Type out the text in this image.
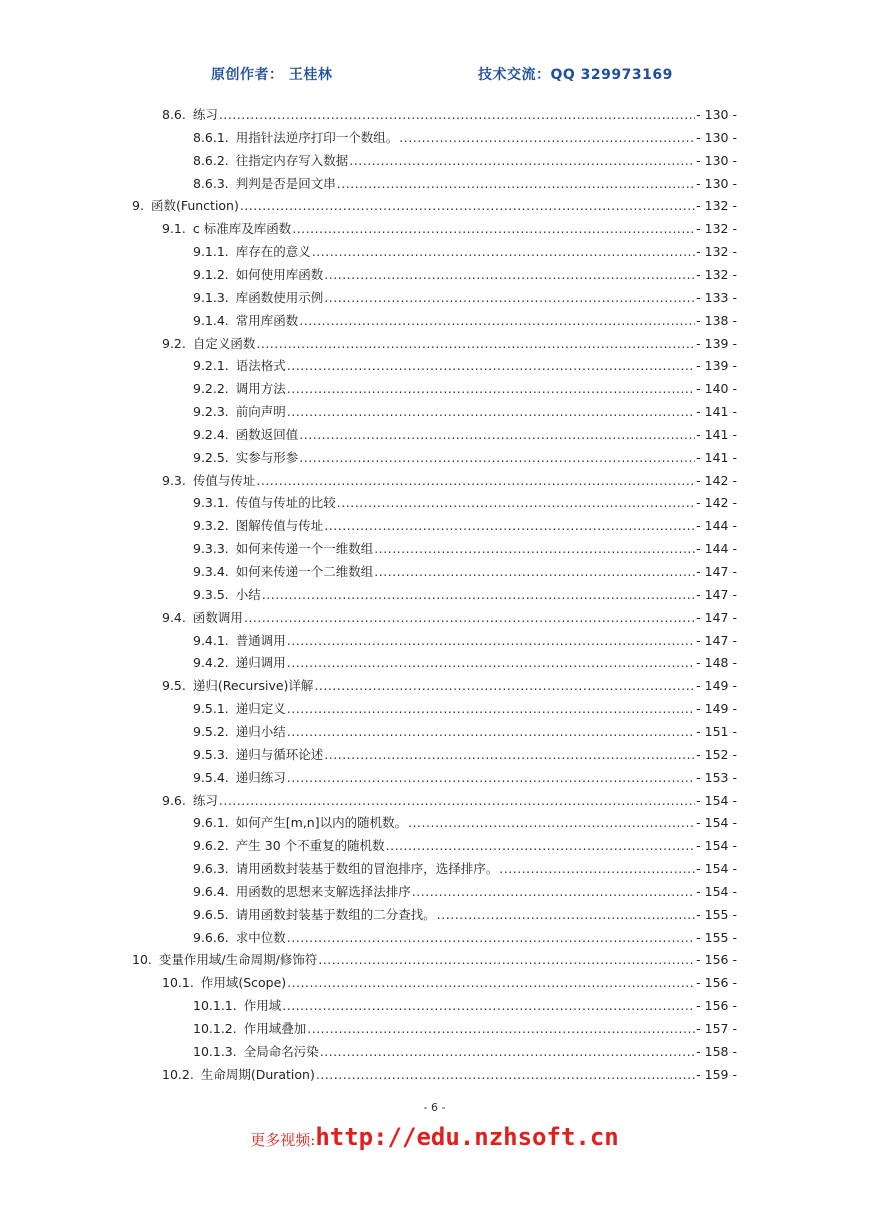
原创作者： 王桂林	技术交流：QQ 329973169
8.6. 练习 .....	- 130 -
8.6.1. 用指针法逆序打印一个数组。 .....	- 130 -
8.6.2. 往指定内存写入数据 .....	- 130 -
8.6.3. 判判是否是回文串 .....	- 130 -
9. 函数(Function) .....	- 132 -
9.1. c 标准库及库函数 .....	- 132 -
9.1.1. 库存在的意义 .....	- 132 -
9.1.2. 如何使用库函数 .....	- 132 -
9.1.3. 库函数使用示例 .....	- 133 -
9.1.4. 常用库函数 .....	- 138 -
9.2. 自定义函数 .....	- 139 -
9.2.1. 语法格式 .....	- 139 -
9.2.2. 调用方法 .....	- 140 -
9.2.3. 前向声明 .....	- 141 -
9.2.4. 函数返回值 .....	- 141 -
9.2.5. 实参与形参 .....	- 141 -
9.3. 传值与传址 .....	- 142 -
9.3.1. 传值与传址的比较 .....	- 142 -
9.3.2. 图解传值与传址 .....	- 144 -
9.3.3. 如何来传递一个一维数组 .....	- 144 -
9.3.4. 如何来传递一个二维数组 .....	- 147 -
9.3.5. 小结 .....	- 147 -
9.4. 函数调用 .....	- 147 -
9.4.1. 普通调用 .....	- 147 -
9.4.2. 递归调用 .....	- 148 -
9.5. 递归(Recursive)详解 .....	- 149 -
9.5.1. 递归定义 .....	- 149 -
9.5.2. 递归小结 .....	- 151 -
9.5.3. 递归与循环论述 .....	- 152 -
9.5.4. 递归练习 .....	- 153 -
9.6. 练习 .....	- 154 -
9.6.1. 如何产生[m,n]以内的随机数。 .....	- 154 -
9.6.2. 产生 30 个不重复的随机数 .....	- 154 -
9.6.3. 请用函数封装基于数组的冒泡排序，选择排序。 .....	- 154 -
9.6.4. 用函数的思想来支解选择法排序 .....	- 154 -
9.6.5. 请用函数封装基于数组的二分查找。 .....	- 155 -
9.6.6. 求中位数 .....	- 155 -
10. 变量作用域/生命周期/修饰符 .....	- 156 -
10.1. 作用域(Scope) .....	- 156 -
10.1.1. 作用域 .....	- 156 -
10.1.2. 作用域叠加 .....	- 157 -
10.1.3. 全局命名污染 .....	- 158 -
10.2. 生命周期(Duration) .....	- 159 -
- 6 -
更多视频:http://edu.nzhsoft.cn
